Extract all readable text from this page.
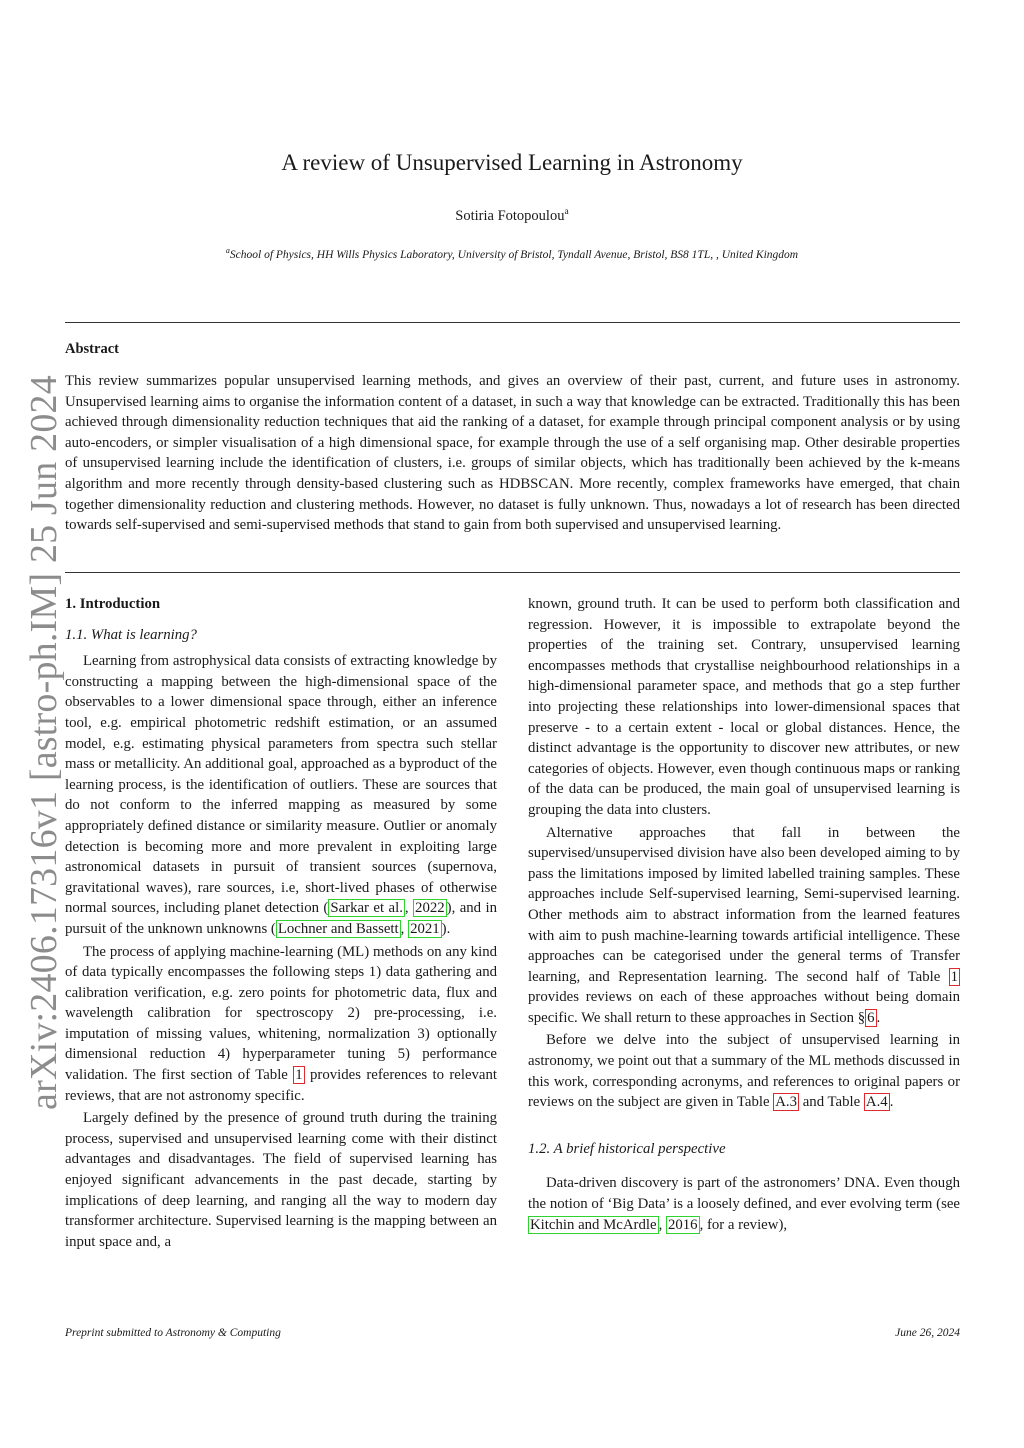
arXiv:2406.17316v1 [astro-ph.IM] 25 Jun 2024
A review of Unsupervised Learning in Astronomy
Sotiria Fotopoulou$^a$
$^a$School of Physics, HH Wills Physics Laboratory, University of Bristol, Tyndall Avenue, Bristol, BS8 1TL, , United Kingdom
Abstract
This review summarizes popular unsupervised learning methods, and gives an overview of their past, current, and future uses in astronomy. Unsupervised learning aims to organise the information content of a dataset, in such a way that knowledge can be extracted. Traditionally this has been achieved through dimensionality reduction techniques that aid the ranking of a dataset, for example through principal component analysis or by using auto-encoders, or simpler visualisation of a high dimensional space, for example through the use of a self organising map. Other desirable properties of unsupervised learning include the identification of clusters, i.e. groups of similar objects, which has traditionally been achieved by the k-means algorithm and more recently through density-based clustering such as HDBSCAN. More recently, complex frameworks have emerged, that chain together dimensionality reduction and clustering methods. However, no dataset is fully unknown. Thus, nowadays a lot of research has been directed towards self-supervised and semi-supervised methods that stand to gain from both supervised and unsupervised learning.
1. Introduction
1.1. What is learning?

Learning from astrophysical data consists of extracting knowledge by constructing a mapping between the high-dimensional space of the observables to a lower dimensional space through, either an inference tool, e.g. empirical photometric redshift estimation, or an assumed model, e.g. estimating physical parameters from spectra such stellar mass or metallicity. An additional goal, approached as a byproduct of the learning process, is the identification of outliers. These are sources that do not conform to the inferred mapping as measured by some appropriately defined distance or similarity measure. Outlier or anomaly detection is becoming more and more prevalent in exploiting large astronomical datasets in pursuit of transient sources (supernova, gravitational waves), rare sources, i.e, short-lived phases of otherwise normal sources, including planet detection ( Sarkar et al. , 2022 ), and in pursuit of the unknown unknowns ( Lochner and Bassett , 2021 ).

The process of applying machine-learning (ML) methods on any kind of data typically encompasses the following steps 1) data gathering and calibration verification, e.g. zero points for photometric data, flux and wavelength calibration for spectroscopy 2) pre-processing, i.e. imputation of missing values, whitening, normalization 3) optionally dimensional reduction 4) hyperparameter tuning 5) performance validation. The first section of Table 1 provides references to relevant reviews, that are not astronomy specific.

Largely defined by the presence of ground truth during the training process, supervised and unsupervised learning come with their distinct advantages and disadvantages. The field of supervised learning has enjoyed significant advancements in the past decade, starting by implications of deep learning, and ranging all the way to modern day transformer architecture. Supervised learning is the mapping between an input space and, a

known, ground truth. It can be used to perform both classification and regression. However, it is impossible to extrapolate beyond the properties of the training set. Contrary, unsupervised learning encompasses methods that crystallise neighbourhood relationships in a high-dimensional parameter space, and methods that go a step further into projecting these relationships into lower-dimensional spaces that preserve - to a certain extent - local or global distances. Hence, the distinct advantage is the opportunity to discover new attributes, or new categories of objects. However, even though continuous maps or ranking of the data can be produced, the main goal of unsupervised learning is grouping the data into clusters.

Alternative approaches that fall in between the supervised/unsupervised division have also been developed aiming to by pass the limitations imposed by limited labelled training samples. These approaches include Self-supervised learning, Semi-supervised learning. Other methods aim to abstract information from the learned features with aim to push machine-learning towards artificial intelligence. These approaches can be categorised under the general terms of Transfer learning, and Representation learning. The second half of Table 1 provides reviews on each of these approaches without being domain specific. We shall return to these approaches in Section § 6 .

Before we delve into the subject of unsupervised learning in astronomy, we point out that a summary of the ML methods discussed in this work, corresponding acronyms, and references to original papers or reviews on the subject are given in Table A.3 and Table A.4 .

1.2. A brief historical perspective

Data-driven discovery is part of the astronomers’ DNA. Even though the notion of ‘Big Data’ is a loosely defined, and ever evolving term (see Kitchin and McArdle , 2016 , for a review),

Preprint submitted to Astronomy & Computing	June 26, 2024
